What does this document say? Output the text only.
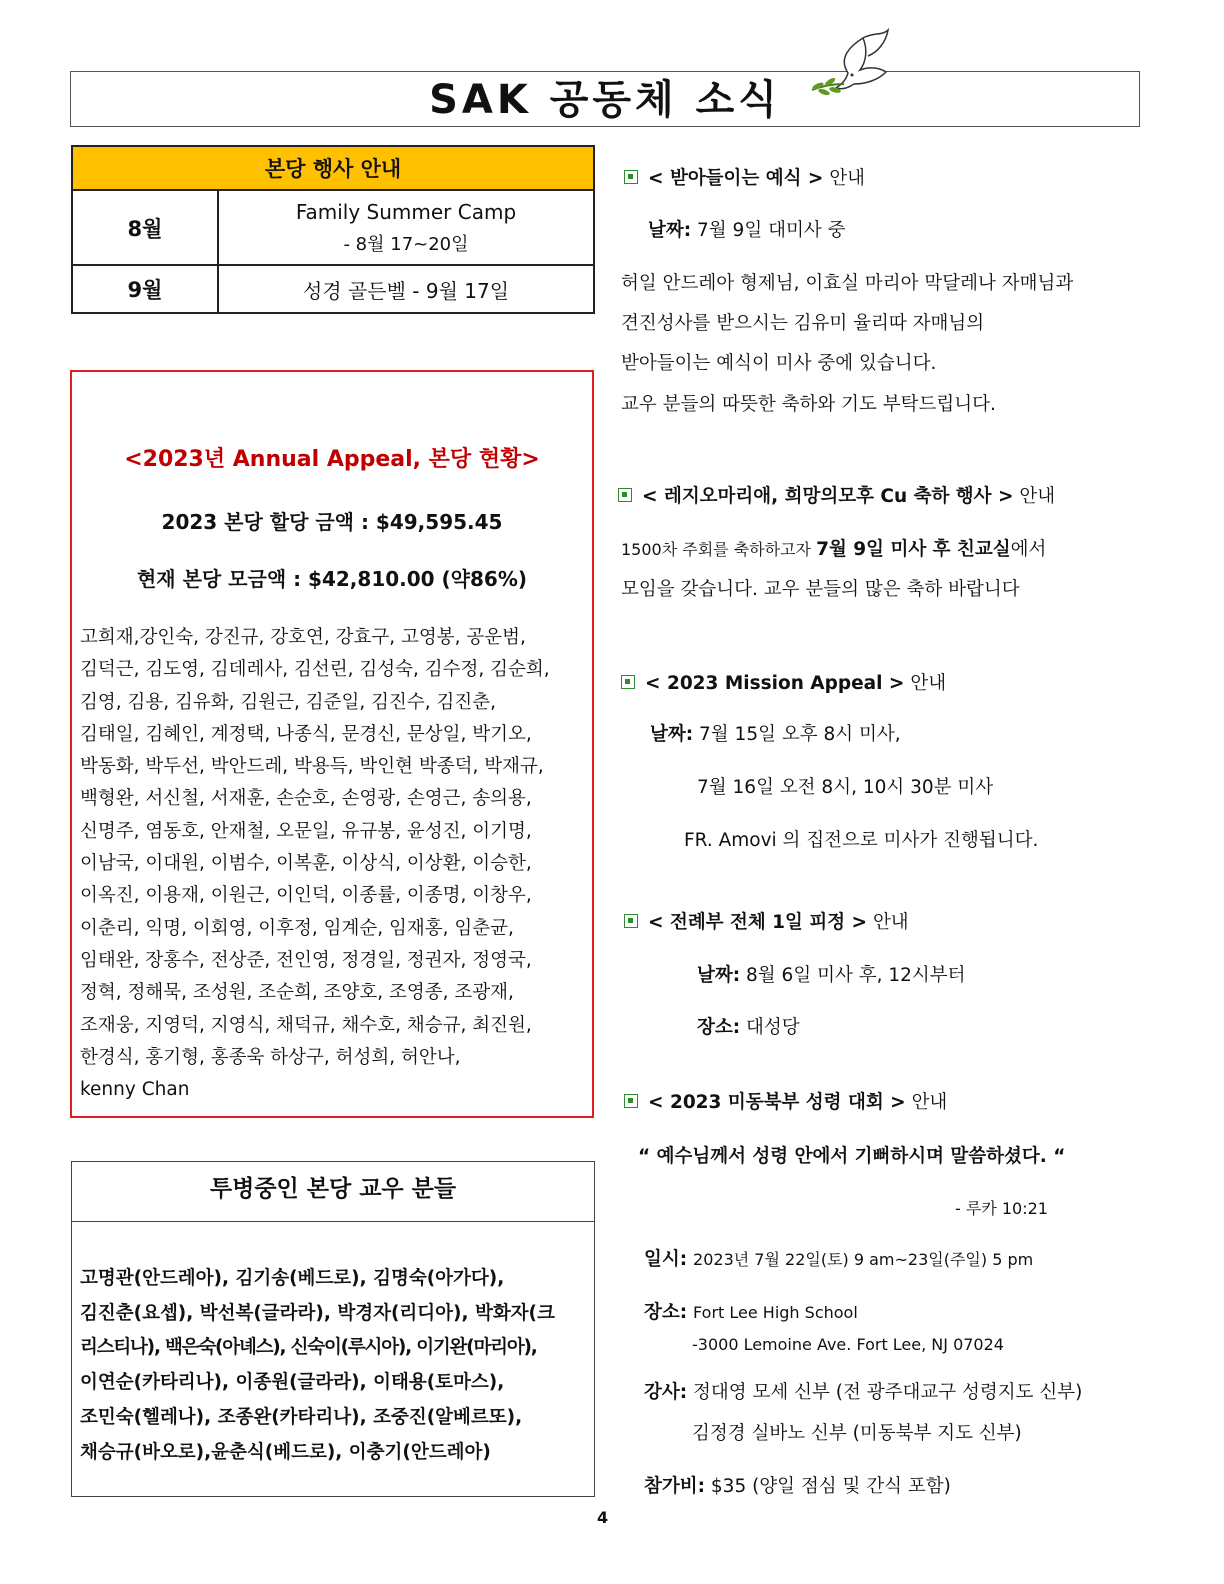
SAK 공동체 소식
본당 행사 안내	
8월	Family Summer Camp
- 8월 17~20일

9월	성경 골든벨 - 9월 17일
<2023년 Annual Appeal, 본당 현황>
2023 본당 할당 금액 : $49,595.45
현재 본당 모금액 : $42,810.00 (약86%)
고희재,강인숙, 강진규, 강호연, 강효구, 고영봉, 공운범,
김덕근, 김도영, 김데레사, 김선린, 김성숙, 김수정, 김순희,
김영, 김용, 김유화, 김원근, 김준일, 김진수, 김진춘,
김태일, 김혜인, 계정택, 나종식, 문경신, 문상일, 박기오,
박동화, 박두선, 박안드레, 박용득, 박인현 박종덕, 박재규,
백형완, 서신철, 서재훈, 손순호, 손영광, 손영근, 송의용,
신명주, 염동호, 안재철, 오문일, 유규봉, 윤성진, 이기명,
이남국, 이대원, 이범수, 이복훈, 이상식, 이상환, 이승한,
이옥진, 이용재, 이원근, 이인덕, 이종률, 이종명, 이창우,
이춘리, 익명, 이회영, 이후정, 임계순, 임재홍, 임춘균,
임태완, 장홍수, 전상준, 전인영, 정경일, 정권자, 정영국,
정혁, 정해묵, 조성원, 조순희, 조양호, 조영종, 조광재,
조재웅, 지영덕, 지영식, 채덕규, 채수호, 채승규, 최진원,
한경식, 홍기형, 홍종욱 하상구, 허성희, 허안나,
kenny Chan
투병중인 본당 교우 분들
고명관(안드레아), 김기송(베드로), 김명숙(아가다),
김진춘(요셉), 박선복(글라라), 박경자(리디아), 박화자(크
리스티나), 백은숙(아녜스), 신숙이(루시아), 이기완(마리아),
이연순(카타리나), 이종원(글라라), 이태용(토마스),
조민숙(헬레나), 조종완(카타리나), 조중진(알베르또),
채승규(바오로),윤춘식(베드로), 이충기(안드레아)
< 받아들이는 예식 > 안내
날짜: 7월 9일 대미사 중
허일 안드레아 형제님, 이효실 마리아 막달레나 자매님과
견진성사를 받으시는 김유미 율리따 자매님의
받아들이는 예식이 미사 중에 있습니다.
교우 분들의 따뜻한 축하와 기도 부탁드립니다.
< 레지오마리애, 희망의모후 Cu 축하 행사 > 안내
1500차 주회를 축하하고자 7월 9일 미사 후 친교실에서
모임을 갖습니다. 교우 분들의 많은 축하 바랍니다
< 2023 Mission Appeal > 안내
날짜: 7월 15일 오후 8시 미사,
7월 16일 오전 8시, 10시 30분 미사
FR. Amovi 의 집전으로 미사가 진행됩니다.
< 전례부 전체 1일 피정 > 안내
날짜: 8월 6일 미사 후, 12시부터
장소: 대성당
< 2023 미동북부 성령 대회 > 안내
“ 예수님께서 성령 안에서 기뻐하시며 말씀하셨다. “
- 루카 10:21
일시: 2023년 7월 22일(토) 9 am~23일(주일) 5 pm
장소: Fort Lee High School
-3000 Lemoine Ave. Fort Lee, NJ 07024
강사: 정대영 모세 신부 (전 광주대교구 성령지도 신부)
김정경 실바노 신부 (미동북부 지도 신부)
참가비: $35 (양일 점심 및 간식 포함)
4
